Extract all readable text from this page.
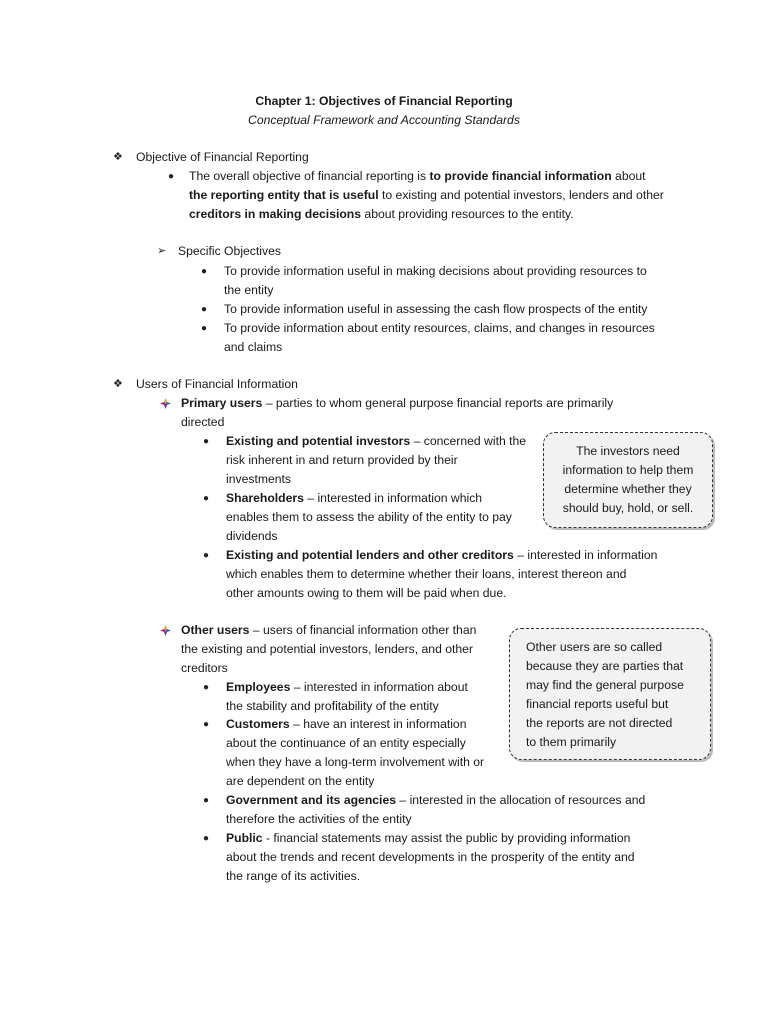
Chapter 1: Objectives of Financial Reporting
Conceptual Framework and Accounting Standards
❖ Objective of Financial Reporting
● The overall objective of financial reporting is to provide financial information about
the reporting entity that is useful to existing and potential investors, lenders and other
creditors in making decisions about providing resources to the entity.
➢ Specific Objectives
● To provide information useful in making decisions about providing resources to
the entity
● To provide information useful in assessing the cash flow prospects of the entity
● To provide information about entity resources, claims, and changes in resources
and claims
❖ Users of Financial Information
Primary users – parties to whom general purpose financial reports are primarily
directed
● Existing and potential investors – concerned with the
risk inherent in and return provided by their
investments
● Shareholders – interested in information which
enables them to assess the ability of the entity to pay
dividends
● Existing and potential lenders and other creditors – interested in information
which enables them to determine whether their loans, interest thereon and
other amounts owing to them will be paid when due.
The investors need
information to help them
determine whether they
should buy, hold, or sell.
Other users – users of financial information other than
the existing and potential investors, lenders, and other
creditors
● Employees – interested in information about
the stability and profitability of the entity
● Customers – have an interest in information
about the continuance of an entity especially
when they have a long-term involvement with or
are dependent on the entity
● Government and its agencies – interested in the allocation of resources and
therefore the activities of the entity
● Public - financial statements may assist the public by providing information
about the trends and recent developments in the prosperity of the entity and
the range of its activities.
Other users are so called
because they are parties that
may find the general purpose
financial reports useful but
the reports are not directed
to them primarily
